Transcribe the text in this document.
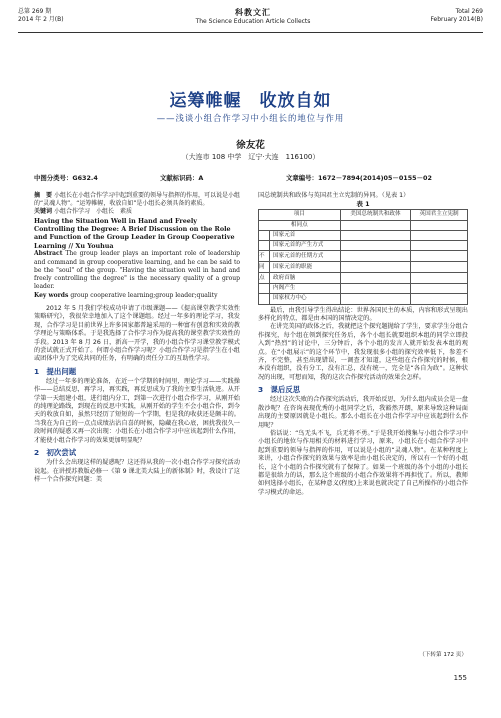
总第 269 期
2014 年 2 月(B)
科教文汇
The Science Education Article Collects
Total 269
February 2014(B)
运筹帷幄　收放自如
——浅谈小组合作学习中小组长的地位与作用
徐友花
（大连市 108 中学　辽宁·大连　116100）
中图分类号：G632.4	文献标识码：A	文章编号：1672－7894(2014)05－0155－02

摘　要 小组长在小组合作学习中起到重要的领导与指挥的作用，可以说是小组的“灵魂人物”。“运筹帷幄，收放自如”是小组长必须具备的素质。

关键词 小组合作学习　小组长　素质

Having the Situation Well in Hand and Freely Controlling the Degree: A Brief Discussion on the Role and Function of the Group Leader in Group Cooperative Learning // Xu Youhua
Abstract The group leader plays an important role of leadership and command in group cooperative learning, and he can be said to be the "soul" of the group. "Having the situation well in hand and freely controlling the degree" is the necessary quality of a group leader.
Key words group cooperative learning;group leader;quality

2012 年 5 月我们学校成功申请了市级课题——《提高课堂教学实效性策略研究》，我很荣幸地加入了这个课题组。经过一年多的理论学习，我发现，合作学习是目前世界上许多国家都普遍采用的一种富有创意和实效的教学理论与策略体系。于是我选择了合作学习作为提高我的课堂教学实效性的手段。2013 年 8 月 26 日，新高一开学，我的小组合作学习课堂教学模式的尝试就正式开始了。何谓小组合作学习呢？小组合作学习是指学生在小组或团体中为了完成共同的任务，有明确的责任分工的互助性学习。

1　提出问题

经过一年多的理论准备，在近一个学期的时间里，理论学习——实践操作——总结反思，再学习，再实践，再反思成为了我的主要生活轨迹。从开学第一天组建小组，进行组内分工，到第一次进行小组合作学习，从刚开始的纯理论路线，到现在的反思中实践，从刚开始的学生不会小组合作，到今天的收放自如，虽然只经历了短短的一个学期，但是我的收获还是颇丰的。当我在为自己的一点点成绩沾沾自喜的时候，隐藏在我心底，困扰我很久一段时间的疑惑又再一次出现：小组长在小组合作学习中应该起到什么作用，才能使小组合作学习的效果更加明显呢？

2　初次尝试

为什么会出现这样的疑惑呢？这还得从我的一次小组合作学习探究活动说起。在讲授苏教版必修一《第 9 课北美大陆上的新体制》时，我设计了这样一个合作探究问题：美

国总统制共和政体与英国君主立宪制的异同。（见表 1）

表 1
项目		美国总统制共和政体	英国君主立宪制
相同点			
	国家元首		
	国家元首的产生方式		
不	国家元首的任期方式		
同	国家元首的职能		
点	政府首脑		
	内阁产生		
	国家权力中心		

最后，由我引导学生得出结论：世界各国民主的本质，内容和形式呈现出多样化的特点，都是由本国的国情决定的。

在讲完美国的政体之后，我就把这个探究题抛给了学生，要求学生分组合作探究，每个组在领到探究任务后，各个小组长就要组织本组的同学立即投入到“热烈”的讨论中，三分钟后，各个小组的发言人就开始发表本组的观点。在“小组展示”的这个环节中，我发现很多小组的探究效率低下，参差不齐，不完整，甚至出现错误，一调查才知道，这些组在合作探究的时候，根本没有组织，没有分工，没有汇总，没有统一，完全是“各自为政”。这种状况的出现，可想而知，我的这次合作探究活动的效果会怎样。

3　课后反思

经过这次失败的合作探究活动后，我开始反思，为什么组内成员会是一盘散沙呢？在咨询表现优秀的小组同学之后，我豁然开朗，原来导致这种局面出现的主要原因就是小组长。那么小组长在小组合作学习中应该起到什么作用呢？

俗话说：“鸟无头不飞，兵无将不勇。”于是我开始搜集与小组合作学习中小组长的地位与作用相关的材料进行学习，原来，小组长在小组合作学习中起到重要的领导与指挥的作用，可以说是小组的“灵魂人物”。在某种程度上来讲，小组合作探究的效果与效率是由小组长决定的，所以有一个好的小组长，这个小组的合作探究就有了保障了。如果一个班级的各个小组的小组长都是很给力的话，那么这个班级的小组合作效果将不再担忧了。所以，教师如何选择小组长，在某种意义(程度)上来说也就决定了自己所操作的小组合作学习模式的命运。

（下转第 172 页）
155
